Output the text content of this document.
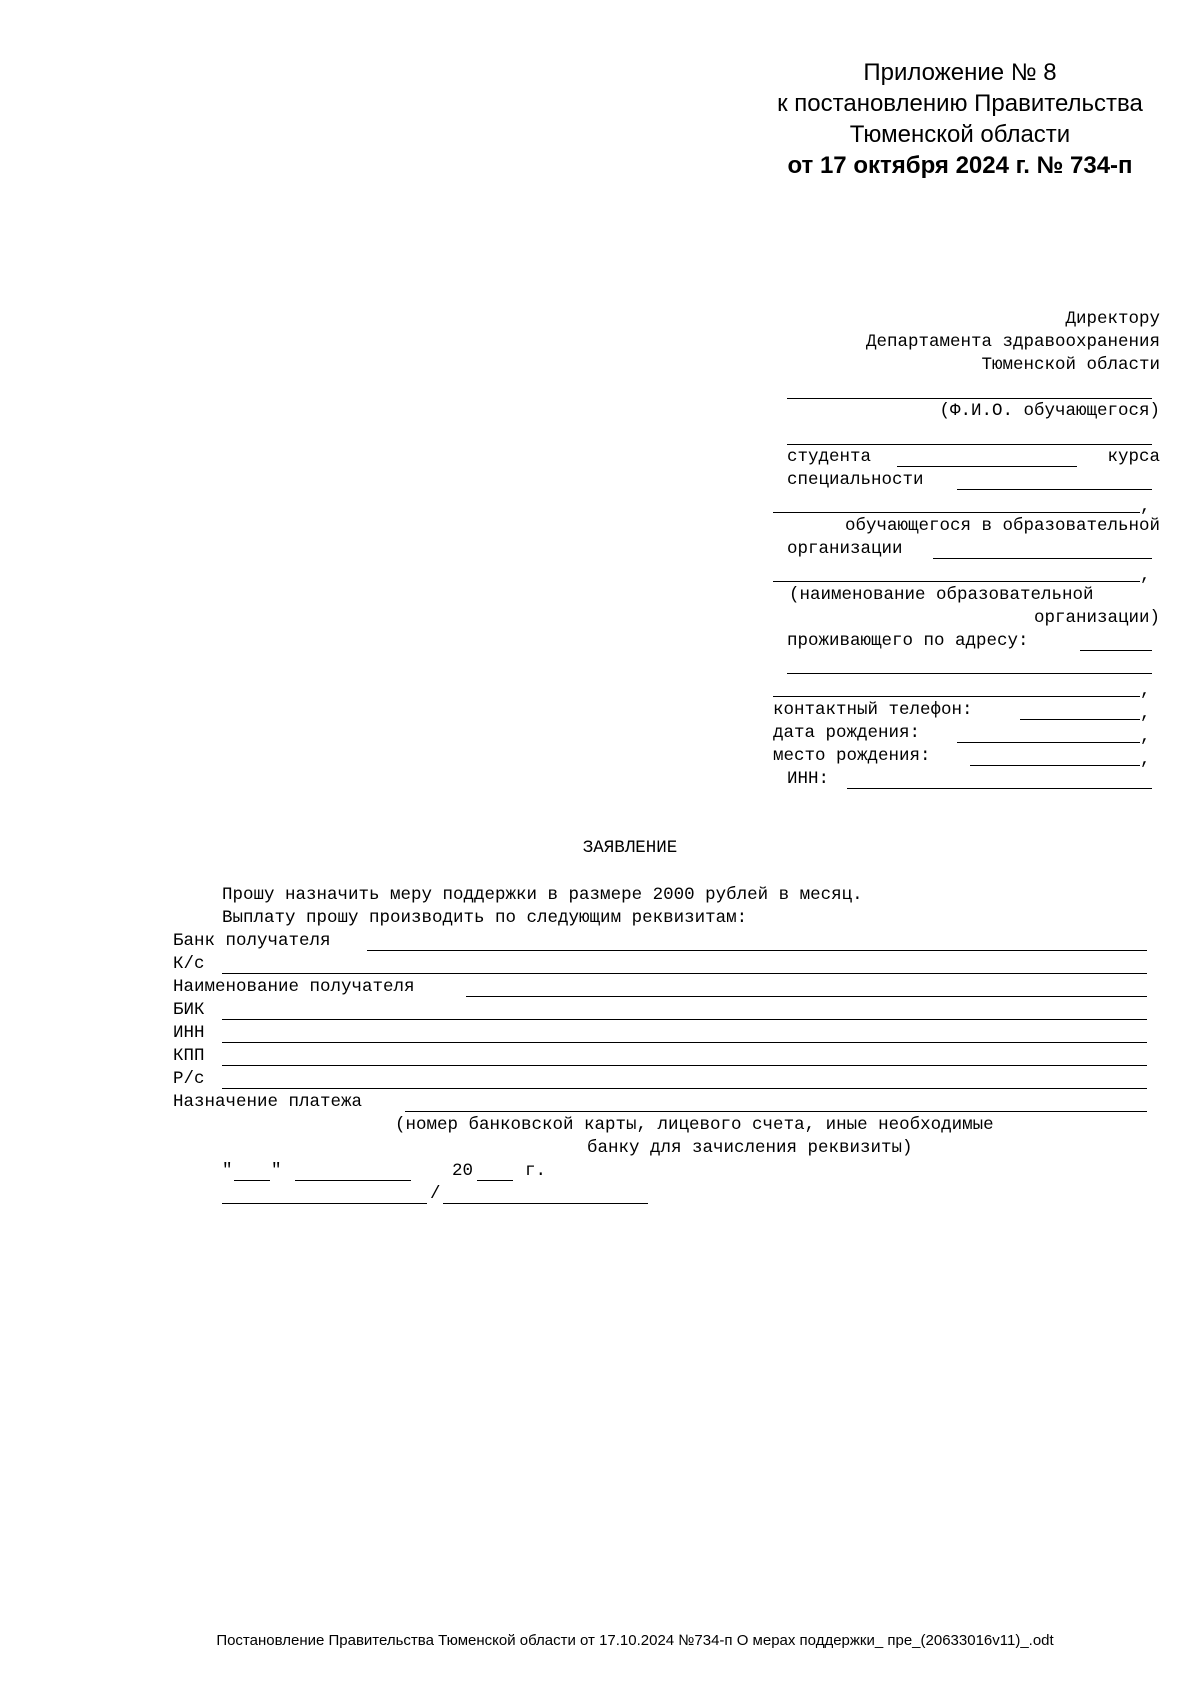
Приложение № 8
к постановлению Правительства
Тюменской области
от 17 октября 2024 г. № 734-п
Директору
Департамента здравоохранения
Тюменской области
(Ф.И.О. обучающегося)
студента	курса
специальности
,
обучающегося в образовательной
организации
,
(наименование образовательной
организации)
проживающего по адресу:
,
контактный телефон:	,
дата рождения:	,
место рождения:	,
ИНН:
ЗАЯВЛЕНИЕ
Прошу назначить меру поддержки в размере 2000 рублей в месяц.
Выплату прошу производить по следующим реквизитам:
Банк получателя
К/с
Наименование получателя
БИК
ИНН
КПП
Р/с
Назначение платежа
(номер банковской карты, лицевого счета, иные необходимые
банку для зачисления реквизиты)
" "	20	г.
/
Постановление Правительства Тюменской области от 17.10.2024 №734-п О мерах поддержки_ пре_(20633016v11)_.odt
